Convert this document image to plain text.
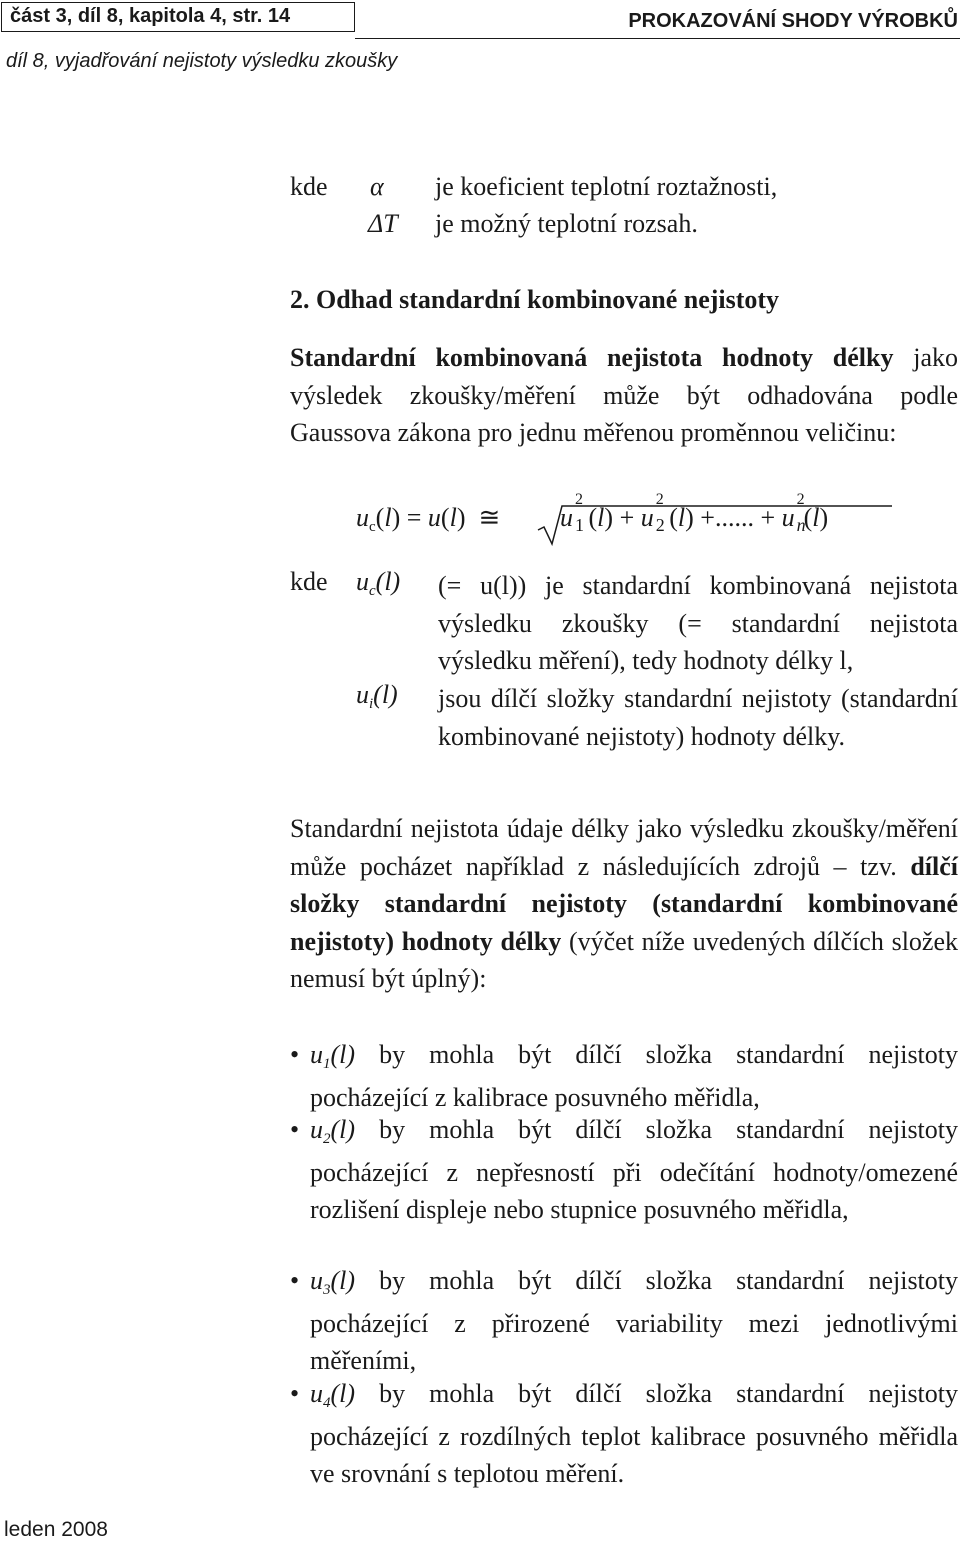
část 3, díl 8, kapitola 4, str. 14	PROKAZOVÁNÍ SHODY VÝROBKŮ
díl 8, vyjadřování nejistoty výsledku zkoušky
kde α je koeficient teplotní roztažnosti,
ΔT je možný teplotní rozsah.
2. Odhad standardní kombinované nejistoty
Standardní kombinovaná nejistota hodnoty délky jako výsledek zkoušky/měření může být odhadována podle Gaussova zákona pro jednu měřenou proměnnou veličinu:
uc(l) = u(l)  ≅ u
2
1 (l) + u
2
2 (l) +...... + u
2
n(l)
kde uc(l) (= u(l)) je standardní kombinovaná nejistota výsledku zkoušky (= standardní nejistota výsledku měření), tedy hodnoty délky l,
ui(l) jsou dílčí složky standardní nejistoty (standardní kombinované nejistoty) hodnoty délky.
Standardní nejistota údaje délky jako výsledku zkoušky/měření může pocházet například z následujících zdrojů – tzv. dílčí složky standardní nejistoty (standardní kombinované nejistoty) hodnoty délky (výčet níže uvedených dílčích složek nemusí být úplný):
• u1(l) by mohla být dílčí složka standardní nejistoty pocházející z kalibrace posuvného měřidla,
• u2(l) by mohla být dílčí složka standardní nejistoty pocházející z nepřesností při odečítání hodnoty/omezené rozlišení displeje nebo stupnice posuvného měřidla,
• u3(l) by mohla být dílčí složka standardní nejistoty pocházející z přirozené variability mezi jednotlivými měřeními,
• u4(l) by mohla být dílčí složka standardní nejistoty pocházející z rozdílných teplot kalibrace posuvného měřidla ve srovnání s teplotou měření.
leden 2008
